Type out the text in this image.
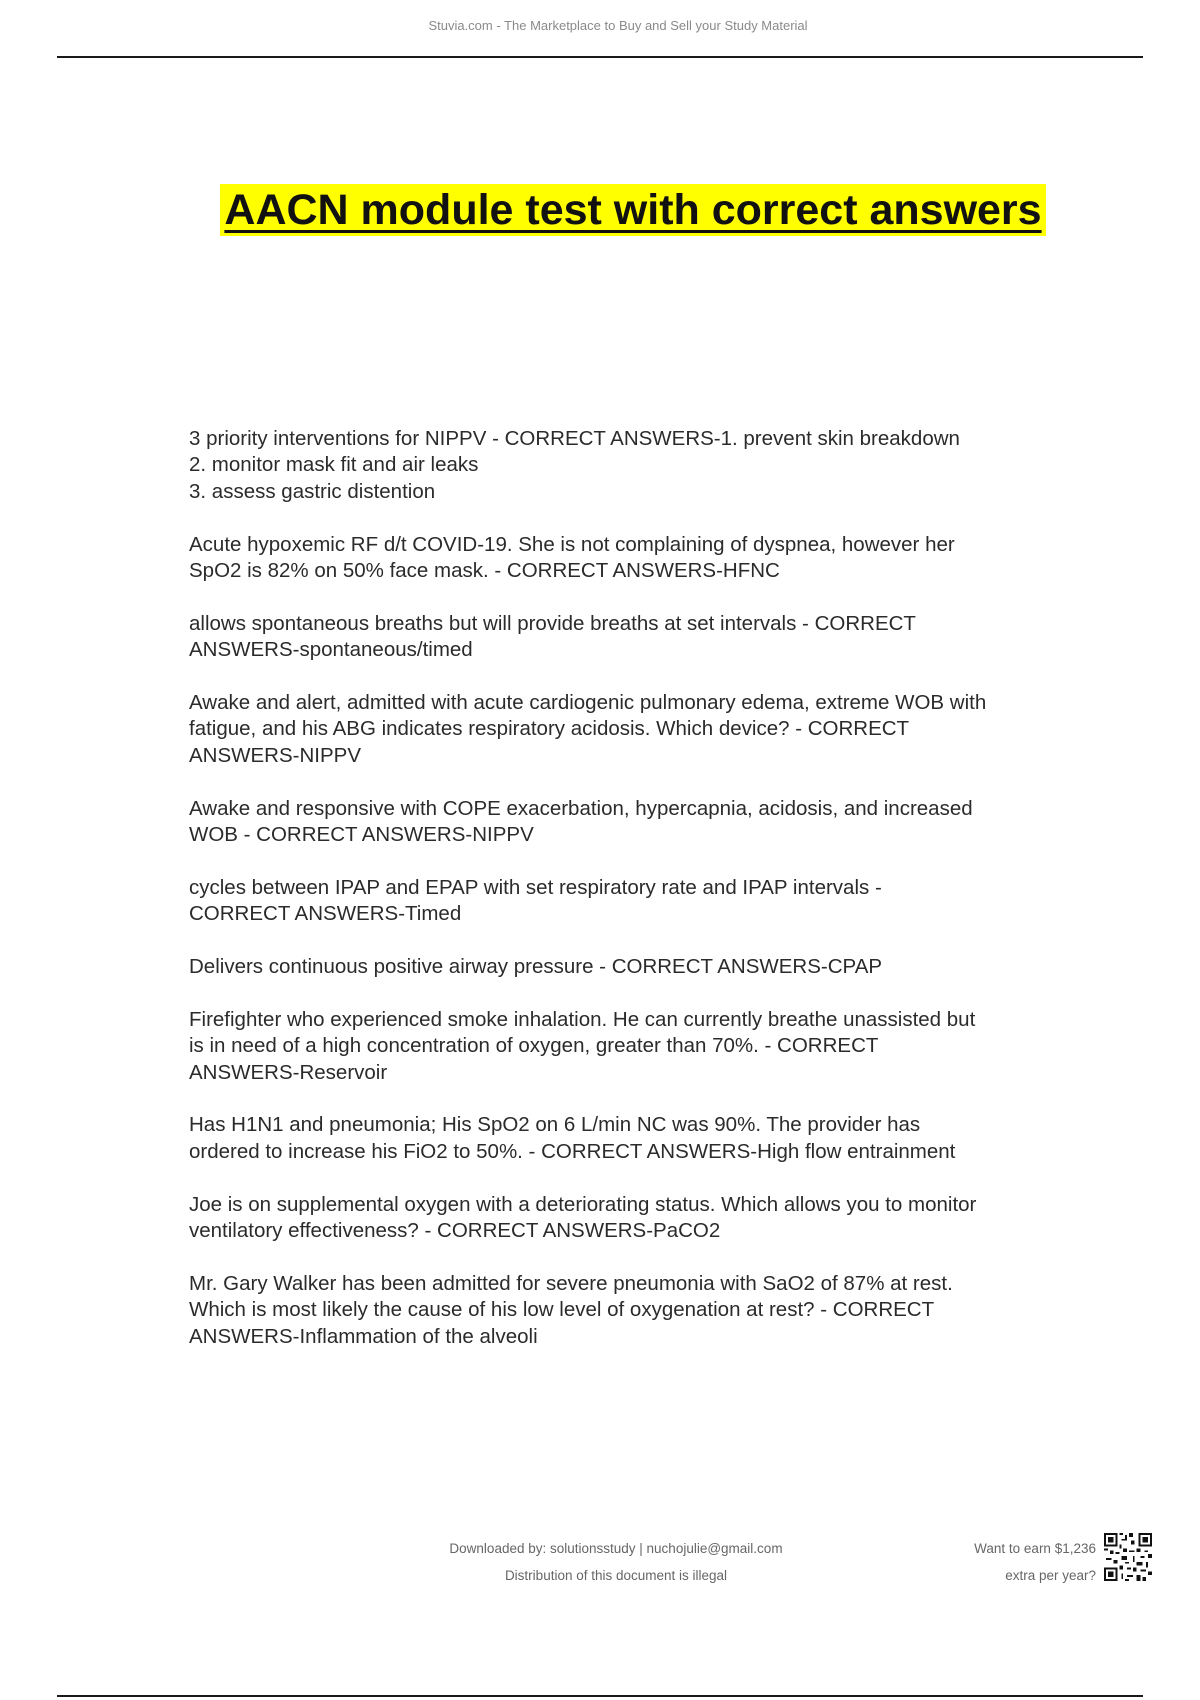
Stuvia.com - The Marketplace to Buy and Sell your Study Material
AACN module test with correct answers
3 priority interventions for NIPPV - CORRECT ANSWERS-1. prevent skin breakdown
2. monitor mask fit and air leaks
3. assess gastric distention
Acute hypoxemic RF d/t COVID-19. She is not complaining of dyspnea, however her
SpO2 is 82% on 50% face mask. - CORRECT ANSWERS-HFNC
allows spontaneous breaths but will provide breaths at set intervals - CORRECT
ANSWERS-spontaneous/timed
Awake and alert, admitted with acute cardiogenic pulmonary edema, extreme WOB with
fatigue, and his ABG indicates respiratory acidosis. Which device? - CORRECT
ANSWERS-NIPPV
Awake and responsive with COPE exacerbation, hypercapnia, acidosis, and increased
WOB - CORRECT ANSWERS-NIPPV
cycles between IPAP and EPAP with set respiratory rate and IPAP intervals -
CORRECT ANSWERS-Timed
Delivers continuous positive airway pressure - CORRECT ANSWERS-CPAP
Firefighter who experienced smoke inhalation. He can currently breathe unassisted but
is in need of a high concentration of oxygen, greater than 70%. - CORRECT
ANSWERS-Reservoir
Has H1N1 and pneumonia; His SpO2 on 6 L/min NC was 90%. The provider has
ordered to increase his FiO2 to 50%. - CORRECT ANSWERS-High flow entrainment
Joe is on supplemental oxygen with a deteriorating status. Which allows you to monitor
ventilatory effectiveness? - CORRECT ANSWERS-PaCO2
Mr. Gary Walker has been admitted for severe pneumonia with SaO2 of 87% at rest.
Which is most likely the cause of his low level of oxygenation at rest? - CORRECT
ANSWERS-Inflammation of the alveoli
Downloaded by: solutionsstudy | nuchojulie@gmail.com
Distribution of this document is illegal
Want to earn $1,236
extra per year?
